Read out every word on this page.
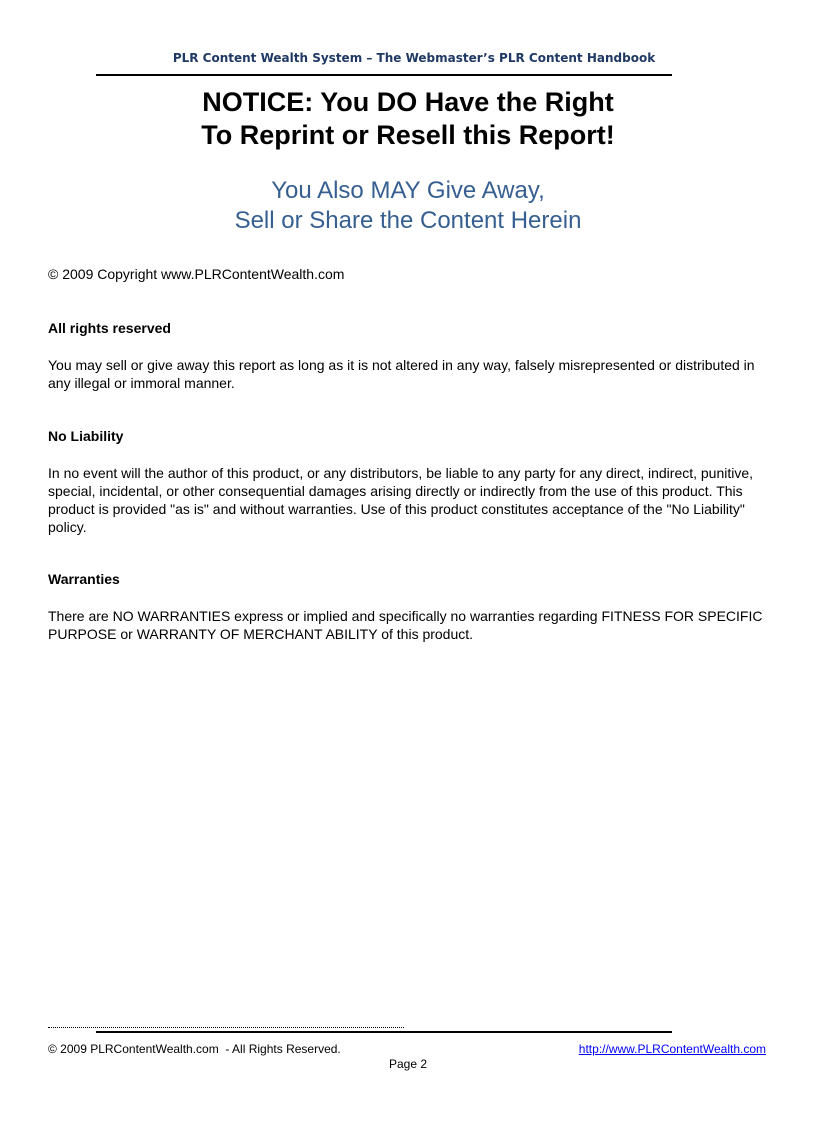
PLR Content Wealth System – The Webmaster’s PLR Content Handbook
NOTICE: You DO Have the Right
To Reprint or Resell this Report!
You Also MAY Give Away,
Sell or Share the Content Herein
© 2009 Copyright www.PLRContentWealth.com
All rights reserved
You may sell or give away this report as long as it is not altered in any way, falsely misrepresented or distributed in any illegal or immoral manner.
No Liability
In no event will the author of this product, or any distributors, be liable to any party for any direct, indirect, punitive, special, incidental, or other consequential damages arising directly or indirectly from the use of this product. This product is provided "as is" and without warranties. Use of this product constitutes acceptance of the "No Liability" policy.
Warranties
There are NO WARRANTIES express or implied and specifically no warranties regarding FITNESS FOR SPECIFIC PURPOSE or WARRANTY OF MERCHANT ABILITY of this product.
© 2009 PLRContentWealth.com  - All Rights Reserved.	http://www.PLRContentWealth.com
Page 2
